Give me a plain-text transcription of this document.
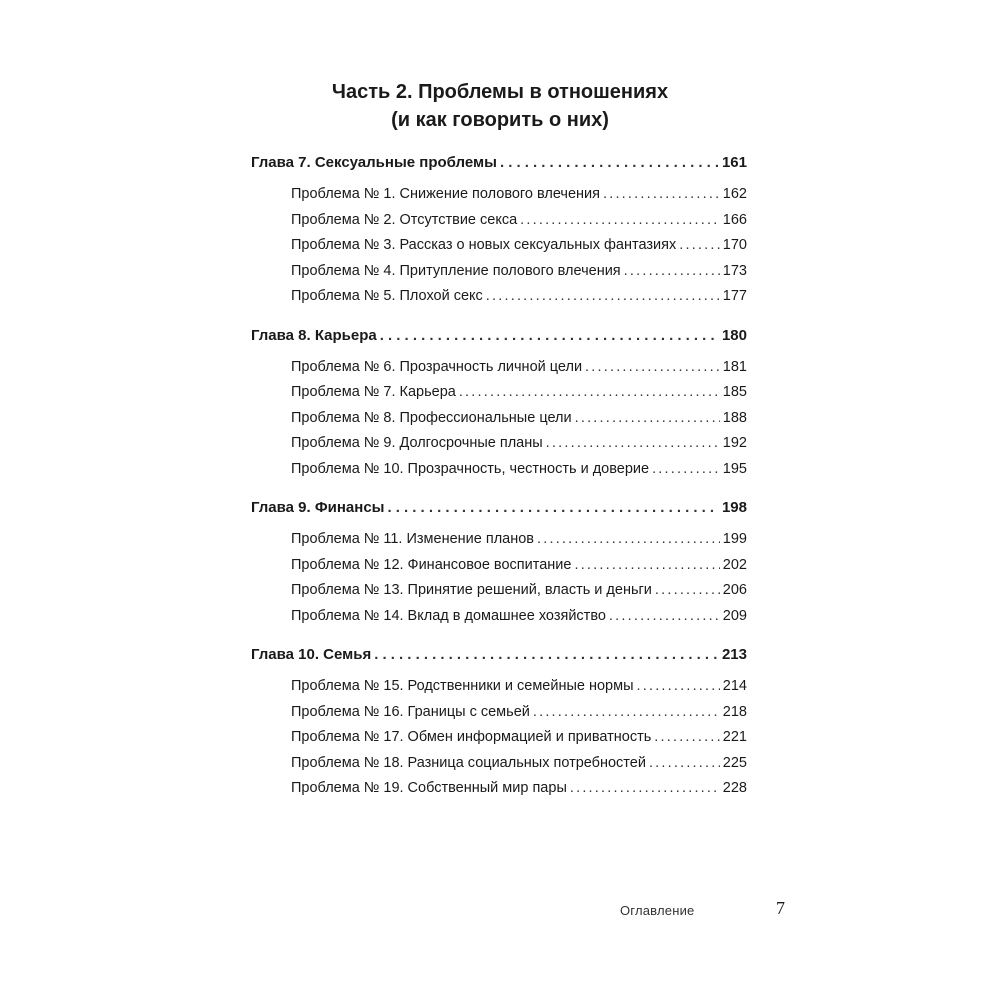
Часть 2. Проблемы в отношениях
(и как говорить о них)
Глава 7. Сексуальные проблемы .....	161
Проблема № 1. Снижение полового влечения .....	162
Проблема № 2. Отсутствие секса .....	166
Проблема № 3. Рассказ о новых сексуальных фантазиях .....	170
Проблема № 4. Притупление полового влечения .....	173
Проблема № 5. Плохой секс .....	177
Глава 8. Карьера .....	180
Проблема № 6. Прозрачность личной цели .....	181
Проблема № 7. Карьера .....	185
Проблема № 8. Профессиональные цели .....	188
Проблема № 9. Долгосрочные планы .....	192
Проблема № 10. Прозрачность, честность и доверие .....	195
Глава 9. Финансы .....	198
Проблема № 11. Изменение планов .....	199
Проблема № 12. Финансовое воспитание .....	202
Проблема № 13. Принятие решений, власть и деньги .....	206
Проблема № 14. Вклад в домашнее хозяйство .....	209
Глава 10. Семья .....	213
Проблема № 15. Родственники и семейные нормы .....	214
Проблема № 16. Границы с семьей .....	218
Проблема № 17. Обмен информацией и приватность .....	221
Проблема № 18. Разница социальных потребностей .....	225
Проблема № 19. Собственный мир пары .....	228
Оглавление	7
